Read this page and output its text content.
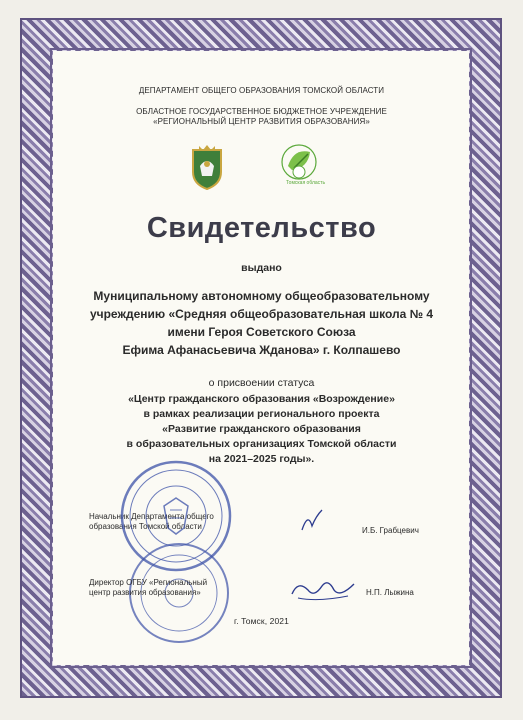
ДЕПАРТАМЕНТ ОБЩЕГО ОБРАЗОВАНИЯ ТОМСКОЙ ОБЛАСТИ
ОБЛАСТНОЕ ГОСУДАРСТВЕННОЕ БЮДЖЕТНОЕ УЧРЕЖДЕНИЕ
«РЕГИОНАЛЬНЫЙ ЦЕНТР РАЗВИТИЯ ОБРАЗОВАНИЯ»
Томская область
Свидетельство
выдано
Муниципальному автономному общеобразовательному
учреждению «Средняя общеобразовательная школа № 4
имени Героя Советского Союза
Ефима Афанасьевича Жданова» г. Колпашево
о присвоении статуса
«Центр гражданского образования «Возрождение»
в рамках реализации регионального проекта
«Развитие гражданского образования
в образовательных организациях Томской области
на 2021–2025 годы».
Начальник Департамента общего
образования Томской области	И.Б. Грабцевич
Директор ОГБУ «Региональный
центр развития образования»	Н.П. Лыжина
г. Томск, 2021
